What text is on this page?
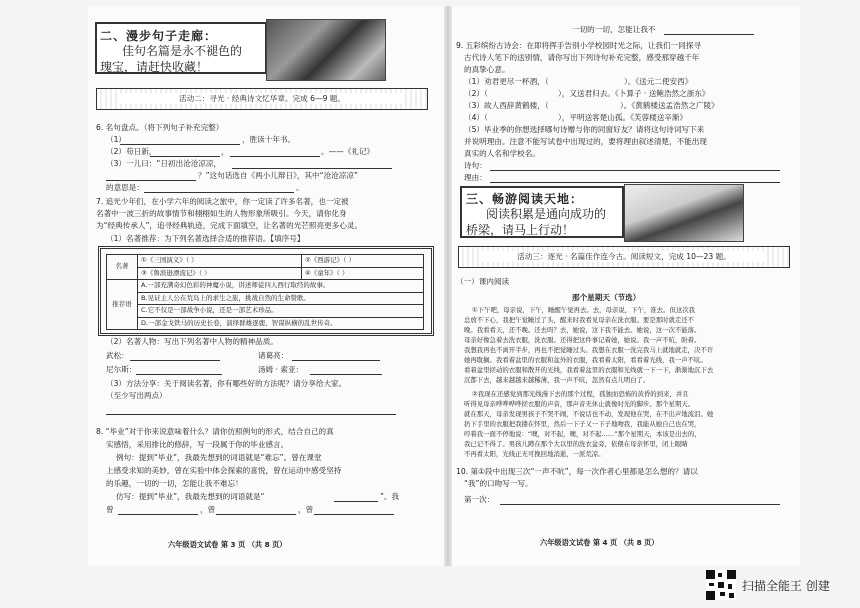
二、漫步句子走廊：
佳句名篇是永不褪色的
瑰宝，请赶快收藏！
活动二：寻光 · 经典诗文忆华章。完成 6—9 题。
6. 名句盘点。（将下列句子补充完整）
（1）	，胜读十年书。
（2）苟日新，	，	。——《礼记》
（3）一儿曰：“日初出沧沧凉凉，
？”这句话选自《两小儿辩日》，其中“沧沧凉凉”
的意思是：	。
7. 追光少年们，在小学六年的阅读之旅中，你一定读了许多名著，也一定被
名著中一波三折的故事情节和栩栩如生的人物形象所吸引。今天，请你化身
为“经典传承人”，追寻经典轨迹，完成下面填空，让名著的光芒照亮更多心灵。
（1）名著推荐：为下列名著选择合适的推荐语。【填序号】
名著	①《三国演义》（ ）	②《西游记》（ ）
	③《鲁滨逊漂流记》（ ）	④《童年》（ ）
推荐语	A.一部充满奇幻色彩的神魔小说，讲述师徒四人西行取经的故事。	
	B.见证主人公在荒岛上的求生之旅，挑战自然的生命赞歌。	
	C.它不仅是一部战争小说，还是一部艺术珍品。	
	D.一部金戈铁马的历史长卷，演绎群雄逐鹿、智谋纵横的乱世传奇。	
（2）名著人物：写出下列名著中人物的精神品质。
武松：	诸葛亮：
尼尔斯：	汤姆 · 索亚：
（3）方法分享：关于阅读名著，你有哪些好的方法呢？请分享给大家。
（至少写出两点）
8. “毕业”对于你来说意味着什么？请你仿照例句的形式，结合自己的真
实感悟，采用排比的修辞，写一段属于你的毕业感言。
例句：提到“毕业”，我最先想到的词语就是“难忘”。曾在课堂
上感受求知的美妙，曾在实验中体会探索的喜悦，曾在运动中感受坚持
的乐趣，一切的一切，怎能让我不难忘！
仿写：提到“毕业”，我最先想到的词语就是“	”。我
曾	，曾	，曾
六年级语文试卷 第 3 页 （共 8 页）
一切的一切，怎能让我不
9. 五彩缤纷古诗会：在即将挥手告别小学校园时光之际，让我们一同探寻
古代诗人笔下的送别情，请你写出下列诗句补充完整，感受那穿越千年
的真挚心意。
（1）劝君更尽一杯酒，（	）。《送元二使安西》
（2）（	），又送君归去。《卜算子 · 送鲍浩然之浙东》
（3）故人西辞黄鹤楼，（	）。《黄鹤楼送孟浩然之广陵》
（4）（	），平明送客楚山孤。《芙蓉楼送辛渐》
（5）毕业季的你想选择哪句诗赠与你的同窗好友？请将这句诗词写下来
并说明理由。注意不能写试卷中出现过的，要将理由叙述清楚，不能出现
真实的人名和学校名。
诗句：
理由：
三、畅游阅读天地：
阅读积累是通向成功的
桥梁，请马上行动！
活动三：逐光 · 名篇佳作连今古。阅读短文，完成 10—23 题。
（一）课内阅读
那个星期天（节选）
①下午吧，母亲说，下午，睡醒午觉再去。去，母亲说，下午，准去。但这次我
总放不下心，我把午觉睡过了头，醒来时我看见母亲在洗衣服。要是那时就走还不
晚。我看看天，还不晚。还去吗？去，她说，这下我不能去。她说，这一次不能落。
母亲好像急着去洗衣服，洗衣服。还得把这件事记着她，她说。我一声不吭，盼着。
我想我再也不离开半步，再也不把觉睡过头。我想在衣服一洗完我马上就地就走，决不许
她再耽搁。我看着盆里的衣服和盆外的衣服，我看着太阳，看看着光线，我一声不吭。
看着盆里搓动的衣服和散开的光线，我看着盆里的衣服和光线就一下一下，渐渐地沉下去
沉都下去，越来越越来越稀薄，我一声不吭，忽然有点儿明白了。
②我现在还感觉到那光线漫下去的那个过程，孤独而恐怖的黄昏的到来，并且
听得见母亲哗哗哗哗搓衣服的声音，那声音无休止就像时光的脚步。那个星期天。
就在那天，母亲发现男孩子不哭不闹，不说话也不动，发现他在哭，在不出声地流泪。她
扔下手里的衣服把我搂在怀里，然后一下子又一下子地吻我，我能从她自己也在哭，
哼着我一面不停地说：“噢，对不起，噢，对不起……”那个星期天，本该是出去的，
我已记不得了。男孩儿蹲在那个大以里的洗衣盆旁，依偎在母亲怀里，闭上眼睛
不再看太阳，光线正无可挽回地消逝，一派荒凉。
10. 第①段中出现三次“一声不吭”，每一次作者心里都是怎么想的？请以
“我”的口吻写一写。
第一次：
六年级语文试卷 第 4 页 （共 8 页）
扫描全能王 创建
